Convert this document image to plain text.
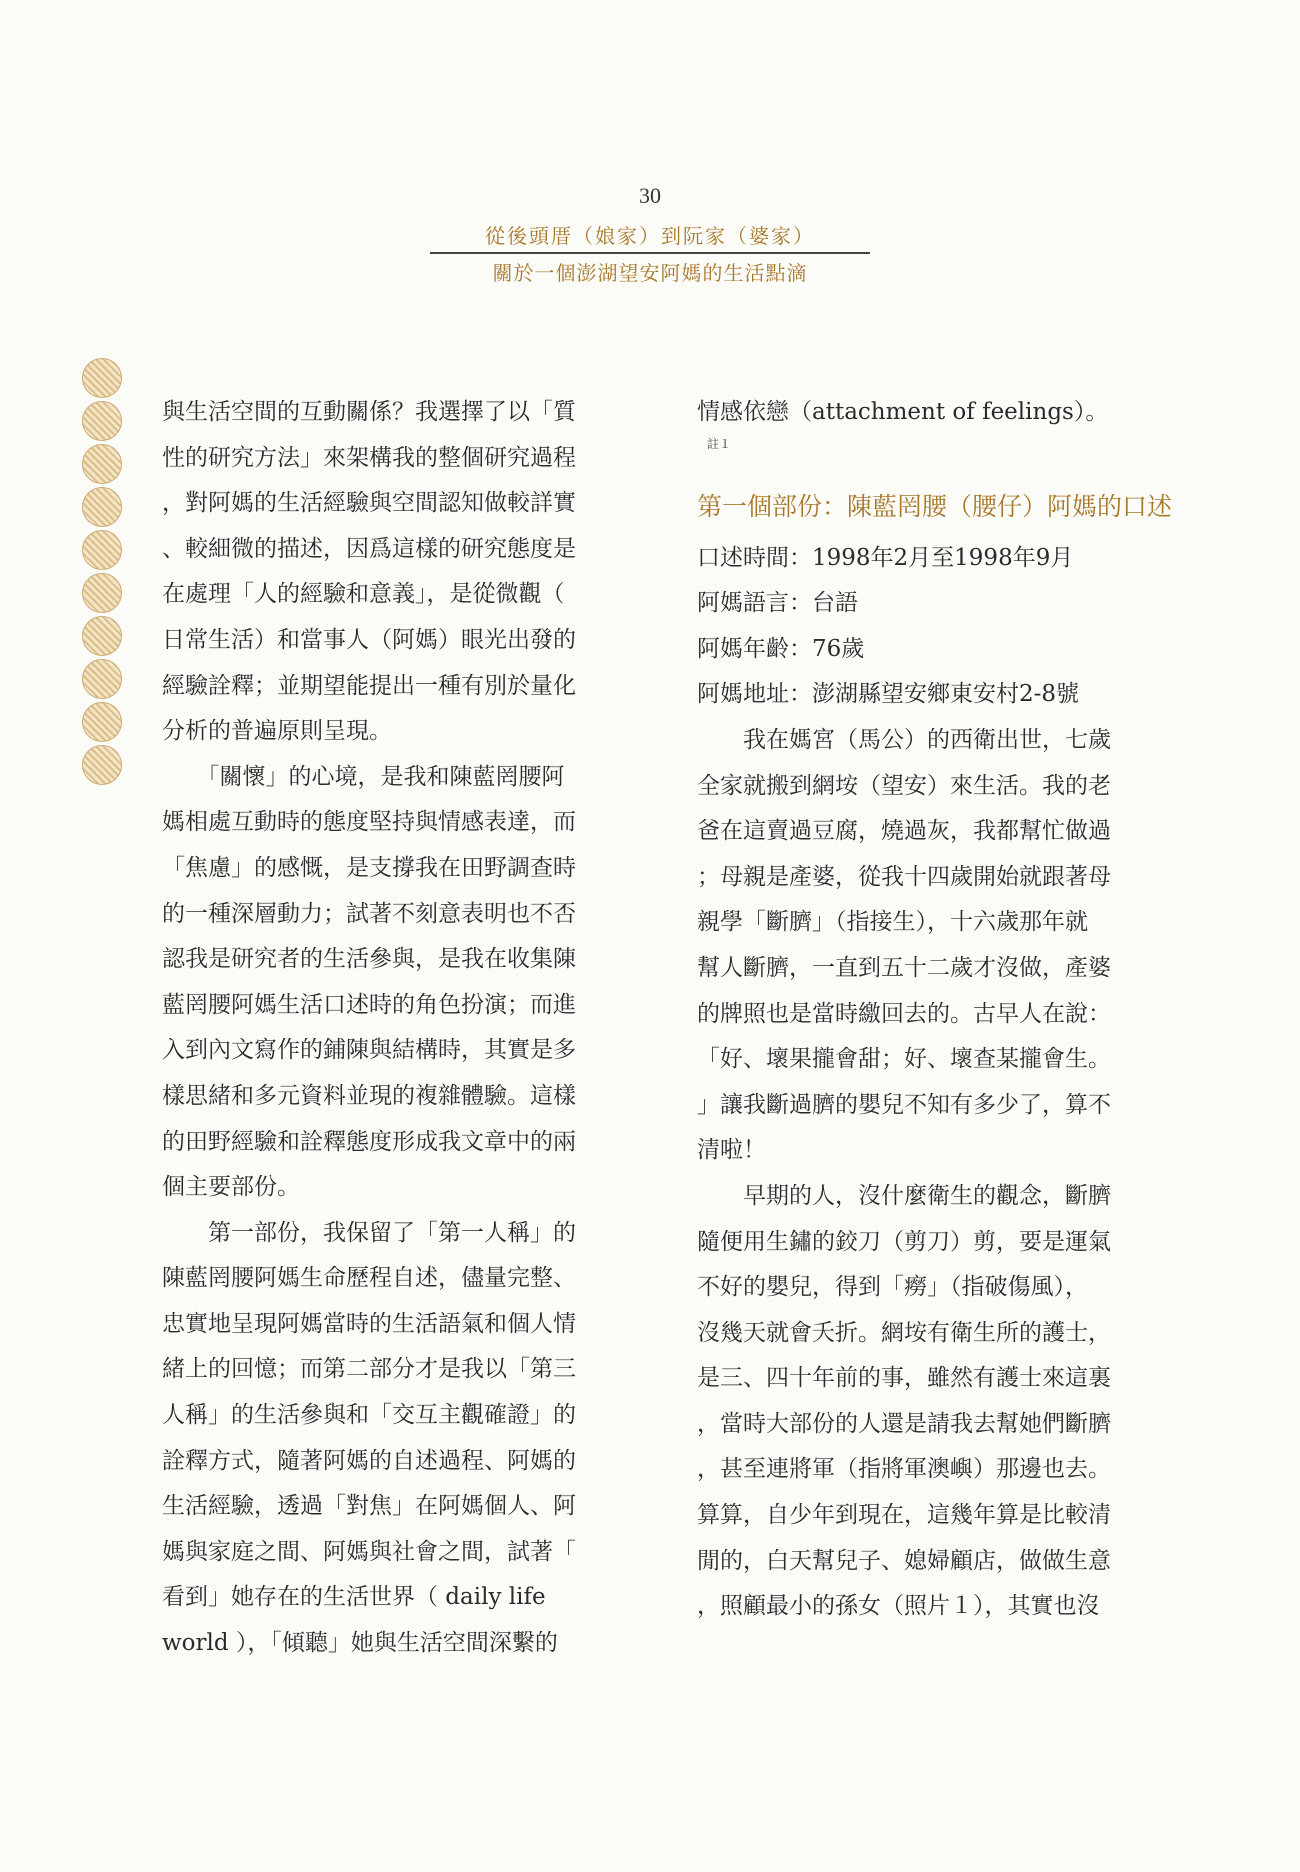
30
從後頭厝（娘家）到阮家（婆家）
關於一個澎湖望安阿媽的生活點滴
與生活空間的互動關係？我選擇了以「質
性的研究方法」來架構我的整個研究過程
，對阿媽的生活經驗與空間認知做較詳實
、較細微的描述，因爲這樣的研究態度是
在處理「人的經驗和意義」，是從微觀（
日常生活）和當事人（阿媽）眼光出發的
經驗詮釋；並期望能提出一種有別於量化
分析的普遍原則呈現。
　　「關懷」的心境，是我和陳藍罔腰阿
媽相處互動時的態度堅持與情感表達，而
「焦慮」的感慨，是支撐我在田野調查時
的一種深層動力；試著不刻意表明也不否
認我是研究者的生活參與，是我在收集陳
藍罔腰阿媽生活口述時的角色扮演；而進
入到內文寫作的鋪陳與結構時，其實是多
樣思緒和多元資料並現的複雜體驗。這樣
的田野經驗和詮釋態度形成我文章中的兩
個主要部份。
　　第一部份，我保留了「第一人稱」的
陳藍罔腰阿媽生命歷程自述，儘量完整、
忠實地呈現阿媽當時的生活語氣和個人情
緒上的回憶；而第二部分才是我以「第三
人稱」的生活參與和「交互主觀確證」的
詮釋方式，隨著阿媽的自述過程、阿媽的
生活經驗，透過「對焦」在阿媽個人、阿
媽與家庭之間、阿媽與社會之間，試著「
看到」她存在的生活世界（ daily life
world ），「傾聽」她與生活空間深繫的
情感依戀（attachment of feelings）。
註１
第一個部份：陳藍罔腰（腰仔）阿媽的口述
口述時間：1998年2月至1998年9月
阿媽語言：台語
阿媽年齡：76歲
阿媽地址：澎湖縣望安鄉東安村2-8號
　　我在媽宮（馬公）的西衛出世，七歲
全家就搬到網垵（望安）來生活。我的老
爸在這賣過豆腐，燒過灰，我都幫忙做過
；母親是產婆，從我十四歲開始就跟著母
親學「斷臍」（指接生），十六歲那年就
幫人斷臍，一直到五十二歲才沒做，產婆
的牌照也是當時繳回去的。古早人在說：
「好、壞果攏會甜；好、壞查某攏會生。
」讓我斷過臍的嬰兒不知有多少了，算不
清啦！
　　早期的人，沒什麼衛生的觀念，斷臍
隨便用生鏽的鉸刀（剪刀）剪，要是運氣
不好的嬰兒，得到「癆」（指破傷風），
沒幾天就會夭折。網垵有衛生所的護士，
是三、四十年前的事，雖然有護士來這裏
，當時大部份的人還是請我去幫她們斷臍
，甚至連將軍（指將軍澳嶼）那邊也去。
算算，自少年到現在，這幾年算是比較清
閒的，白天幫兒子、媳婦顧店，做做生意
，照顧最小的孫女（照片１），其實也沒
